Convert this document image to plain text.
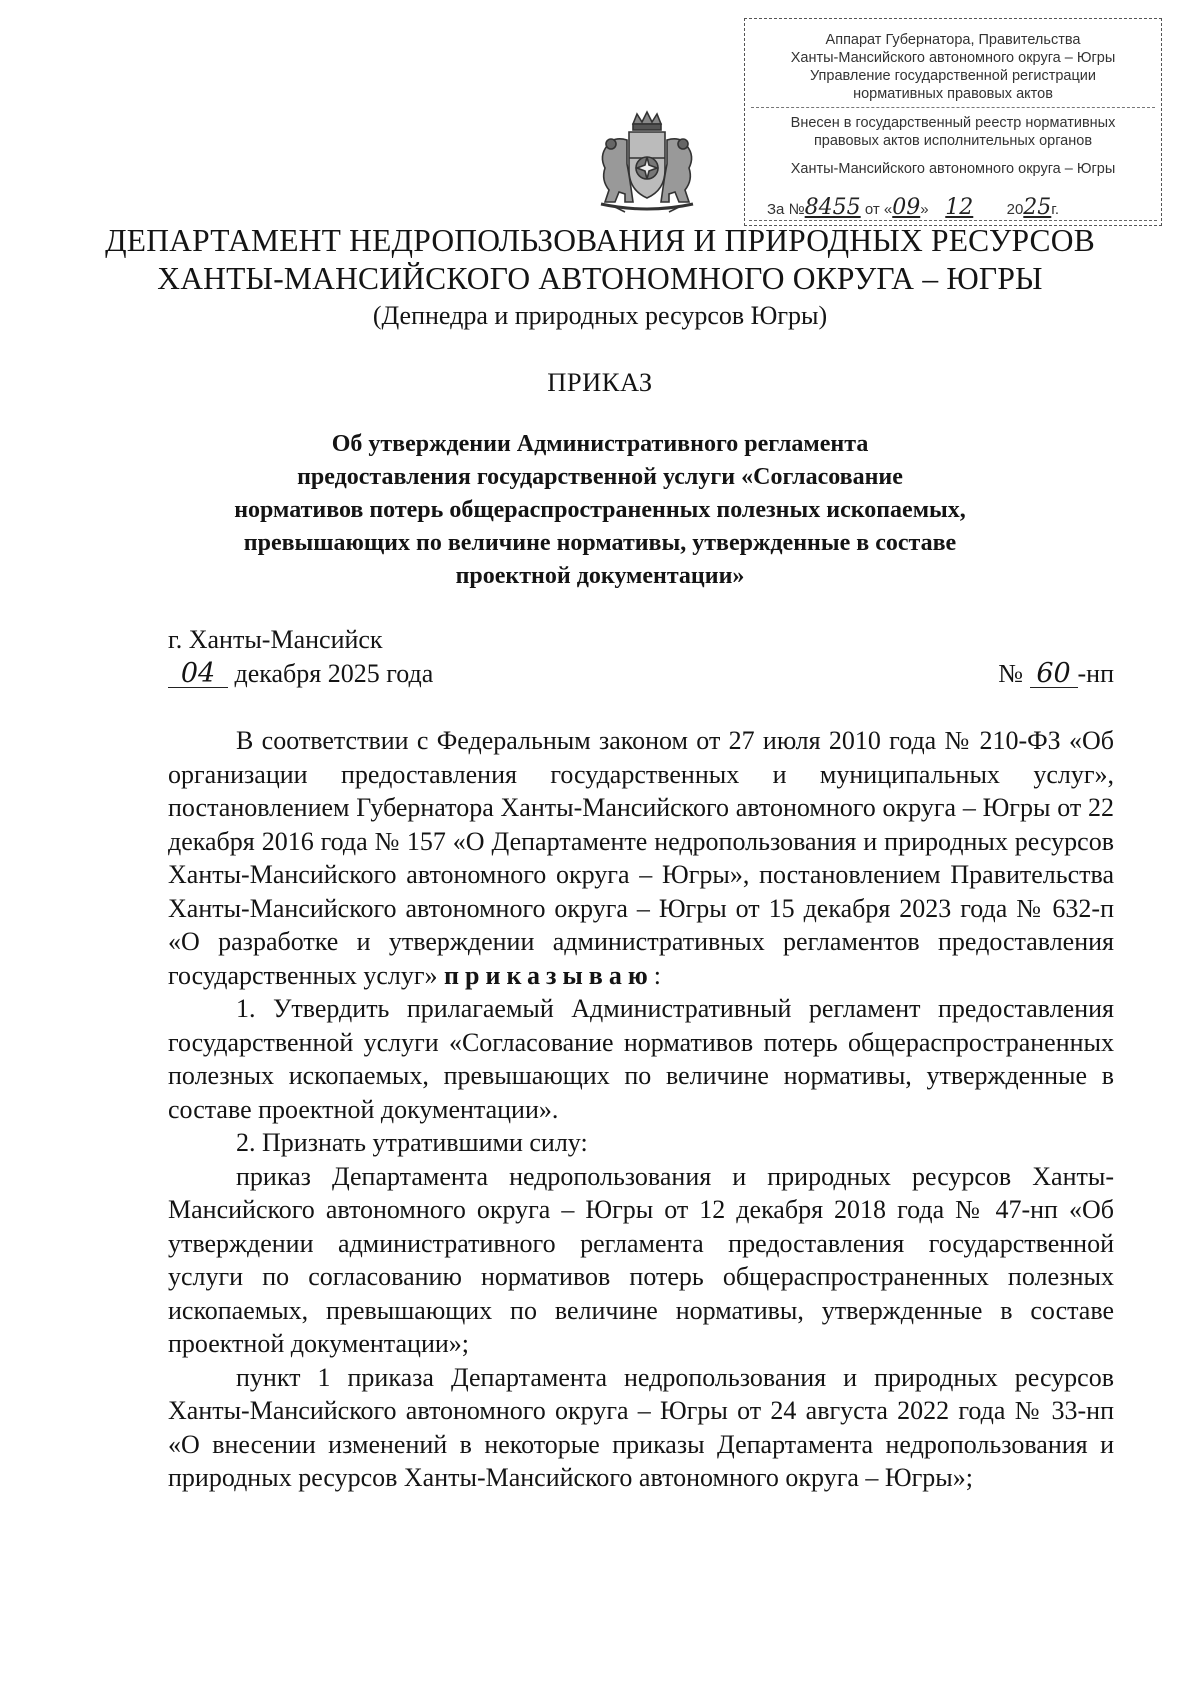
Аппарат Губернатора, Правительства
Ханты-Мансийского автономного округа – Югры
Управление государственной регистрации
нормативных правовых актов
Внесен в государственный реестр нормативных
правовых актов исполнительных органов
Ханты-Мансийского автономного округа – Югры
За №8455 от «09» 12 2025г.
ДЕПАРТАМЕНТ НЕДРОПОЛЬЗОВАНИЯ И ПРИРОДНЫХ РЕСУРСОВ
ХАНТЫ-МАНСИЙСКОГО АВТОНОМНОГО ОКРУГА – ЮГРЫ
(Депнедра и природных ресурсов Югры)
ПРИКАЗ
Об утверждении Административного регламента
предоставления государственной услуги «Согласование
нормативов потерь общераспространенных полезных ископаемых,
превышающих по величине нормативы, утвержденные в составе
проектной документации»
г. Ханты-Мансийск
04 декабря 2025 года	№ 60 -нп

В соответствии с Федеральным законом от 27 июля 2010 года № 210-ФЗ «Об организации предоставления государственных и муниципальных услуг», постановлением Губернатора Ханты-Мансийского автономного округа – Югры от 22 декабря 2016 года № 157 «О Департаменте недропользования и природных ресурсов Ханты-Мансийского автономного округа – Югры», постановлением Правительства Ханты-Мансийского автономного округа – Югры от 15 декабря 2023 года № 632-п «О разработке и утверждении административных регламентов предоставления государственных услуг» приказываю:

1. Утвердить прилагаемый Административный регламент предоставления государственной услуги «Согласование нормативов потерь общераспространенных полезных ископаемых, превышающих по величине нормативы, утвержденные в составе проектной документации».

2. Признать утратившими силу:

приказ Департамента недропользования и природных ресурсов Ханты-Мансийского автономного округа – Югры от 12 декабря 2018 года № 47-нп «Об утверждении административного регламента предоставления государственной услуги по согласованию нормативов потерь общераспространенных полезных ископаемых, превышающих по величине нормативы, утвержденные в составе проектной документации»;

пункт 1 приказа Департамента недропользования и природных ресурсов Ханты-Мансийского автономного округа – Югры от 24 августа 2022 года № 33-нп «О внесении изменений в некоторые приказы Департамента недропользования и природных ресурсов Ханты-Мансийского автономного округа – Югры»;
